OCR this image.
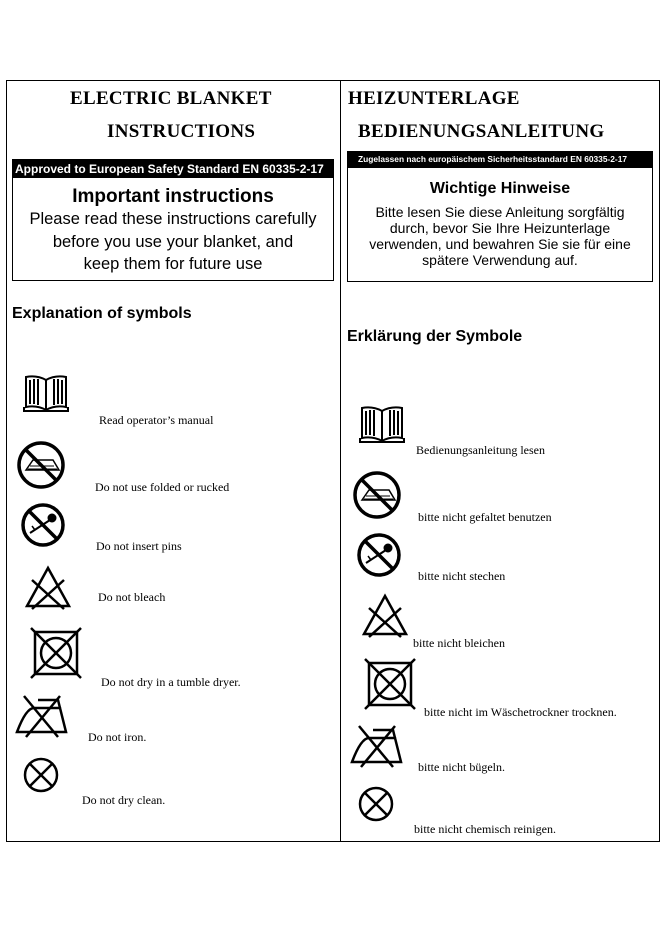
ELECTRIC BLANKET
INSTRUCTIONS
Approved to European Safety Standard EN 60335-2-17
Important instructions
Please read these instructions carefully
before you use your blanket, and
keep them for future use
Explanation of symbols
Read operator’s manual
Do not use folded or rucked
Do not insert pins
Do not bleach
Do not dry in a tumble dryer.
Do not iron.
Do not dry clean.
HEIZUNTERLAGE
BEDIENUNGSANLEITUNG
Zugelassen nach europäischem Sicherheitsstandard EN 60335-2-17
Wichtige Hinweise
Bitte lesen Sie diese Anleitung sorgfältig
durch, bevor Sie Ihre Heizunterlage
verwenden, und bewahren Sie sie für eine
spätere Verwendung auf.
Erklärung der Symbole
Bedienungsanleitung lesen
bitte nicht gefaltet benutzen
bitte nicht stechen
bitte nicht bleichen
bitte nicht im Wäschetrockner trocknen.
bitte nicht bügeln.
bitte nicht chemisch reinigen.
